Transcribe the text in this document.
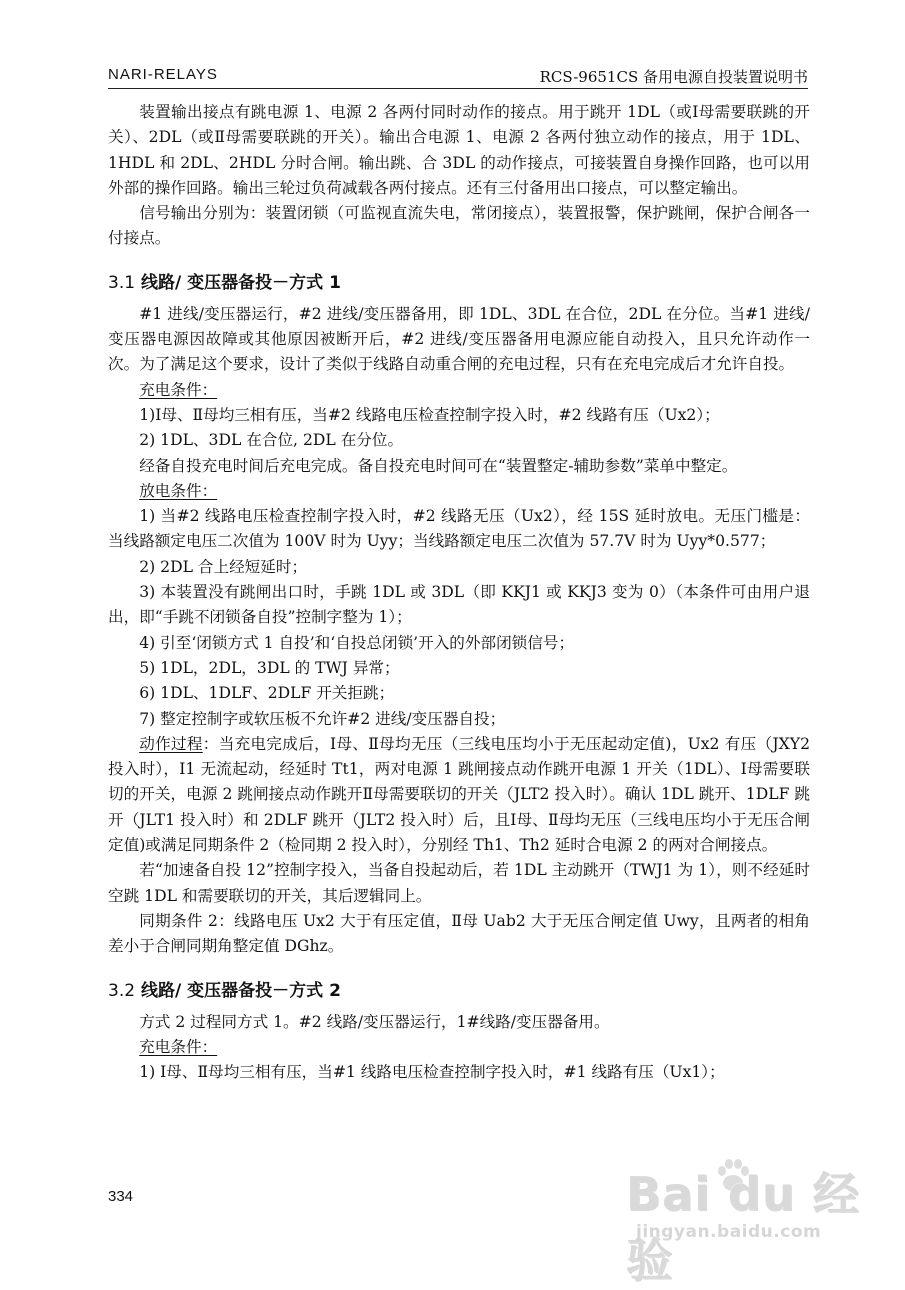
NARI-RELAYS	RCS-9651CS 备用电源自投装置说明书

装置输出接点有跳电源 1、电源 2 各两付同时动作的接点。用于跳开 1DL（或Ⅰ母需要联跳的开关）、2DL（或Ⅱ母需要联跳的开关）。输出合电源 1、电源 2 各两付独立动作的接点，用于 1DL、1HDL 和 2DL、2HDL 分时合闸。输出跳、合 3DL 的动作接点，可接装置自身操作回路，也可以用外部的操作回路。输出三轮过负荷减载各两付接点。还有三付备用出口接点，可以整定输出。

信号输出分别为：装置闭锁（可监视直流失电，常闭接点），装置报警，保护跳闸，保护合闸各一付接点。

3.1 线路/ 变压器备投－方式 1

#1 进线/变压器运行，#2 进线/变压器备用，即 1DL、3DL 在合位，2DL 在分位。当#1 进线/变压器电源因故障或其他原因被断开后，#2 进线/变压器备用电源应能自动投入，且只允许动作一次。为了满足这个要求，设计了类似于线路自动重合闸的充电过程，只有在充电完成后才允许自投。

充电条件：

1)Ⅰ母、Ⅱ母均三相有压，当#2 线路电压检查控制字投入时，#2 线路有压（Ux2）；

2) 1DL、3DL 在合位, 2DL 在分位。

经备自投充电时间后充电完成。备自投充电时间可在“装置整定-辅助参数”菜单中整定。

放电条件：

1) 当#2 线路电压检查控制字投入时，#2 线路无压（Ux2），经 15S 延时放电。无压门槛是：当线路额定电压二次值为 100V 时为 Uyy；当线路额定电压二次值为 57.7V 时为 Uyy*0.577；

2) 2DL 合上经短延时；

3) 本装置没有跳闸出口时，手跳 1DL 或 3DL（即 KKJ1 或 KKJ3 变为 0）（本条件可由用户退出，即“手跳不闭锁备自投”控制字整为 1）；

4) 引至‘闭锁方式 1 自投’和‘自投总闭锁’开入的外部闭锁信号；

5) 1DL，2DL，3DL 的 TWJ 异常；

6) 1DL、1DLF、2DLF 开关拒跳；

7) 整定控制字或软压板不允许#2 进线/变压器自投；

动作过程：当充电完成后，Ⅰ母、Ⅱ母均无压（三线电压均小于无压起动定值)，Ux2 有压（JXY2 投入时），I1 无流起动，经延时 Tt1，两对电源 1 跳闸接点动作跳开电源 1 开关（1DL）、Ⅰ母需要联切的开关，电源 2 跳闸接点动作跳开Ⅱ母需要联切的开关（JLT2 投入时）。确认 1DL 跳开、1DLF 跳开（JLT1 投入时）和 2DLF 跳开（JLT2 投入时）后，且Ⅰ母、Ⅱ母均无压（三线电压均小于无压合闸定值)或满足同期条件 2（检同期 2 投入时），分别经 Th1、Th2 延时合电源 2 的两对合闸接点。

若“加速备自投 12”控制字投入，当备自投起动后，若 1DL 主动跳开（TWJ1 为 1），则不经延时空跳 1DL 和需要联切的开关，其后逻辑同上。

同期条件 2：线路电压 Ux2 大于有压定值，Ⅱ母 Uab2 大于无压合闸定值 Uwy，且两者的相角差小于合闸同期角整定值 DGhz。

3.2 线路/ 变压器备投－方式 2

方式 2 过程同方式 1。#2 线路/变压器运行，1#线路/变压器备用。

充电条件：

1) Ⅰ母、Ⅱ母均三相有压，当#1 线路电压检查控制字投入时，#1 线路有压（Ux1）；

334	Bai du 经验
jingyan.baidu.com
